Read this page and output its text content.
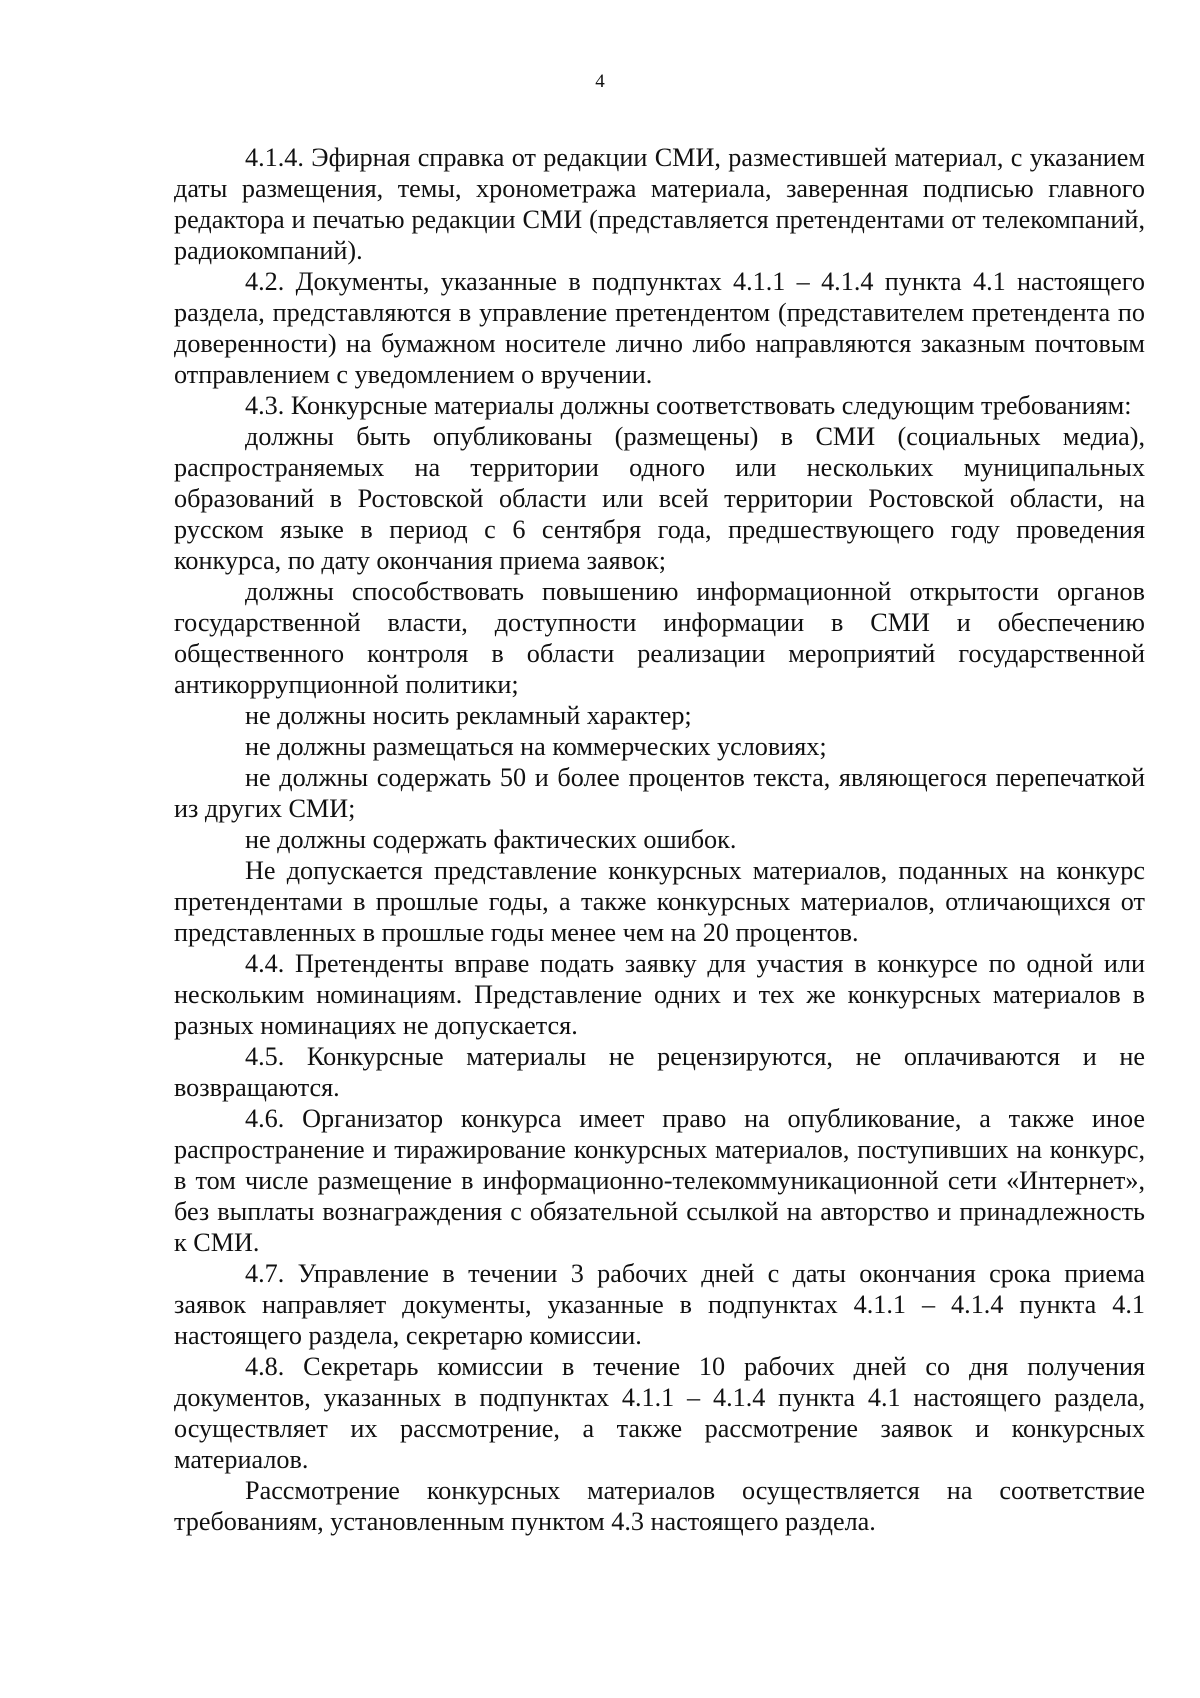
4

4.1.4. Эфирная справка от редакции СМИ, разместившей материал, с указанием даты размещения, темы, хронометража материала, заверенная подписью главного редактора и печатью редакции СМИ (представляется претендентами от телекомпаний, радиокомпаний).

4.2. Документы, указанные в подпунктах 4.1.1 – 4.1.4 пункта 4.1 настоящего раздела, представляются в управление претендентом (представителем претендента по доверенности) на бумажном носителе лично либо направляются заказным почтовым отправлением с уведомлением о вручении.

4.3. Конкурсные материалы должны соответствовать следующим требованиям:

должны быть опубликованы (размещены) в СМИ (социальных медиа), распространяемых на территории одного или нескольких муниципальных образований в Ростовской области или всей территории Ростовской области, на русском языке в период с 6 сентября года, предшествующего году проведения конкурса, по дату окончания приема заявок;

должны способствовать повышению информационной открытости органов государственной власти, доступности информации в СМИ и обеспечению общественного контроля в области реализации мероприятий государственной антикоррупционной политики;

не должны носить рекламный характер;

не должны размещаться на коммерческих условиях;

не должны содержать 50 и более процентов текста, являющегося перепечаткой из других СМИ;

не должны содержать фактических ошибок.

Не допускается представление конкурсных материалов, поданных на конкурс претендентами в прошлые годы, а также конкурсных материалов, отличающихся от представленных в прошлые годы менее чем на 20 процентов.

4.4. Претенденты вправе подать заявку для участия в конкурсе по одной или нескольким номинациям. Представление одних и тех же конкурсных материалов в разных номинациях не допускается.

4.5. Конкурсные материалы не рецензируются, не оплачиваются и не возвращаются.

4.6. Организатор конкурса имеет право на опубликование, а также иное распространение и тиражирование конкурсных материалов, поступивших на конкурс, в том числе размещение в информационно-телекоммуникационной сети «Интернет», без выплаты вознаграждения с обязательной ссылкой на авторство и принадлежность к СМИ.

4.7. Управление в течении 3 рабочих дней с даты окончания срока приема заявок направляет документы, указанные в подпунктах 4.1.1 – 4.1.4 пункта 4.1 настоящего раздела, секретарю комиссии.

4.8. Секретарь комиссии в течение 10 рабочих дней со дня получения документов, указанных в подпунктах 4.1.1 – 4.1.4 пункта 4.1 настоящего раздела, осуществляет их рассмотрение, а также рассмотрение заявок и конкурсных материалов.

Рассмотрение конкурсных материалов осуществляется на соответствие требованиям, установленным пунктом 4.3 настоящего раздела.
